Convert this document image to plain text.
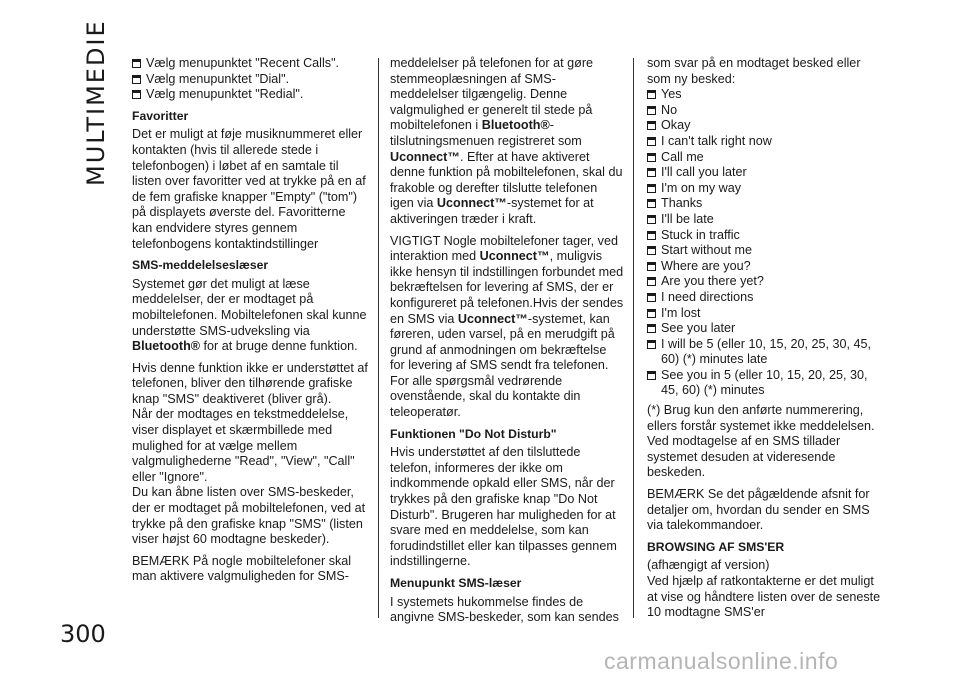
MULTIMEDIE
300
Vælg menupunktet "Recent Calls".
Vælg menupunktet ”Dial".
Vælg menupunktet "Redial".
Favoritter

Det er muligt at føje musiknummeret eller kontakten (hvis til allerede stede i telefonbogen) i løbet af en samtale til listen over favoritter ved at trykke på en af de fem grafiske knapper "Empty" ("tom") på displayets øverste del. Favoritterne kan endvidere styres gennem telefonbogens kontaktindstillinger

SMS-meddelelseslæser

Systemet gør det muligt at læse meddelelser, der er modtaget på mobiltelefonen. Mobiltelefonen skal kunne understøtte SMS-udveksling via Bluetooth® for at bruge denne funktion.

Hvis denne funktion ikke er understøttet af telefonen, bliver den tilhørende grafiske knap "SMS" deaktiveret (bliver grå).

Når der modtages en tekstmeddelelse, viser displayet et skærmbillede med mulighed for at vælge mellem valgmulighederne "Read", "View", "Call" eller "Ignore".

Du kan åbne listen over SMS-beskeder, der er modtaget på mobiltelefonen, ved at trykke på den grafiske knap "SMS" (listen viser højst 60 modtagne beskeder).

BEMÆRK På nogle mobiltelefoner skal man aktivere valgmuligheden for SMS-

meddelelser på telefonen for at gøre stemmeoplæsningen af SMS-meddelelser tilgængelig. Denne valgmulighed er generelt til stede på mobiltelefonen i Bluetooth®-tilslutningsmenuen registreret som Uconnect™. Efter at have aktiveret denne funktion på mobiltelefonen, skal du frakoble og derefter tilslutte telefonen igen via Uconnect™-systemet for at aktiveringen træder i kraft.

VIGTIGT Nogle mobiltelefoner tager, ved interaktion med Uconnect™, muligvis ikke hensyn til indstillingen forbundet med bekræftelsen for levering af SMS, der er konfigureret på telefonen.Hvis der sendes en SMS via Uconnect™-systemet, kan føreren, uden varsel, på en merudgift på grund af anmodningen om bekræftelse for levering af SMS sendt fra telefonen. For alle spørgsmål vedrørende ovenstående, skal du kontakte din teleoperatør.

Funktionen "Do Not Disturb"

Hvis understøttet af den tilsluttede telefon, informeres der ikke om indkommende opkald eller SMS, når der trykkes på den grafiske knap "Do Not Disturb". Brugeren har muligheden for at svare med en meddelelse, som kan forudindstillet eller kan tilpasses gennem indstillingerne.

Menupunkt SMS-læser

I systemets hukommelse findes de angivne SMS-beskeder, som kan sendes

som svar på en modtaget besked eller som ny besked:

Yes
No
Okay
I can't talk right now
Call me
I'll call you later
I'm on my way
Thanks
I'll be late
Stuck in traffic
Start without me
Where are you?
Are you there yet?
I need directions
I'm lost
See you later
I will be 5 (eller 10, 15, 20, 25, 30, 45, 60) (*) minutes late
See you in 5 (eller 10, 15, 20, 25, 30, 45, 60) (*) minutes

(*) Brug kun den anførte nummerering, ellers forstår systemet ikke meddelelsen. Ved modtagelse af en SMS tillader systemet desuden at videresende beskeden.

BEMÆRK Se det pågældende afsnit for detaljer om, hvordan du sender en SMS via talekommandoer.

BROWSING AF SMS'ER

(afhængigt af version)

Ved hjælp af ratkontakterne er det muligt at vise og håndtere listen over de seneste 10 modtagne SMS'er

carmanualsonline.info
